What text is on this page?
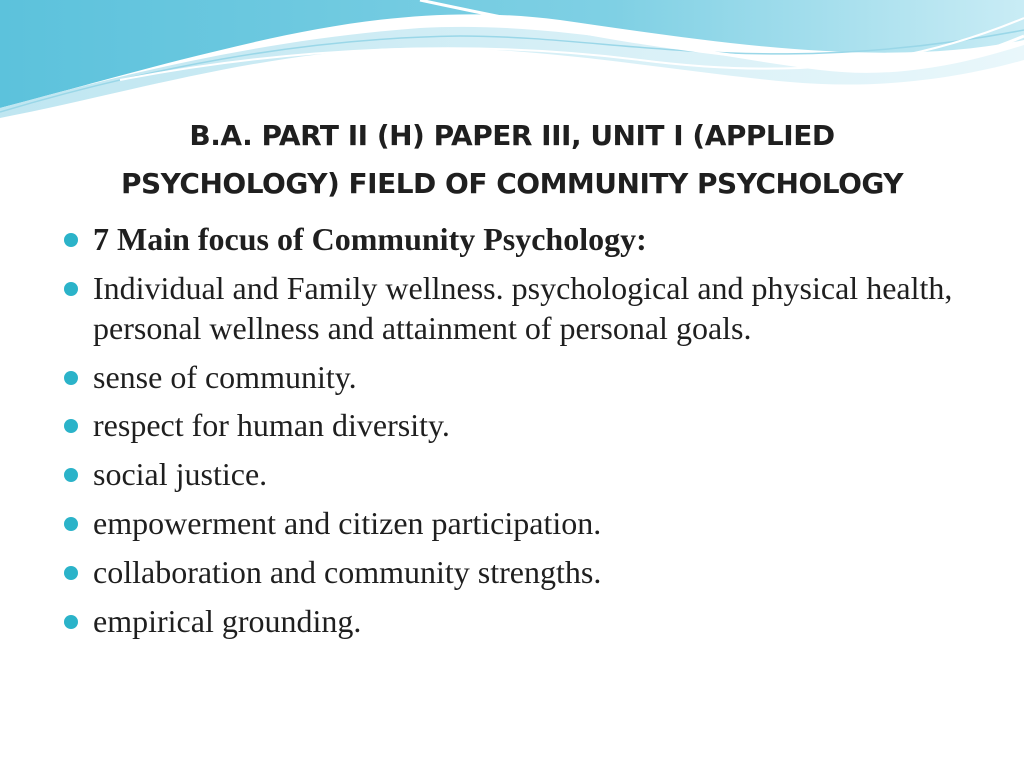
B.A. PART II (H) PAPER III, UNIT I (APPLIED
PSYCHOLOGY) FIELD OF COMMUNITY PSYCHOLOGY
7 Main focus of Community Psychology:
Individual and Family wellness. psychological and physical health, personal wellness and attainment of personal goals.
sense of community.
respect for human diversity.
social justice.
empowerment and citizen participation.
collaboration and community strengths.
empirical grounding.
